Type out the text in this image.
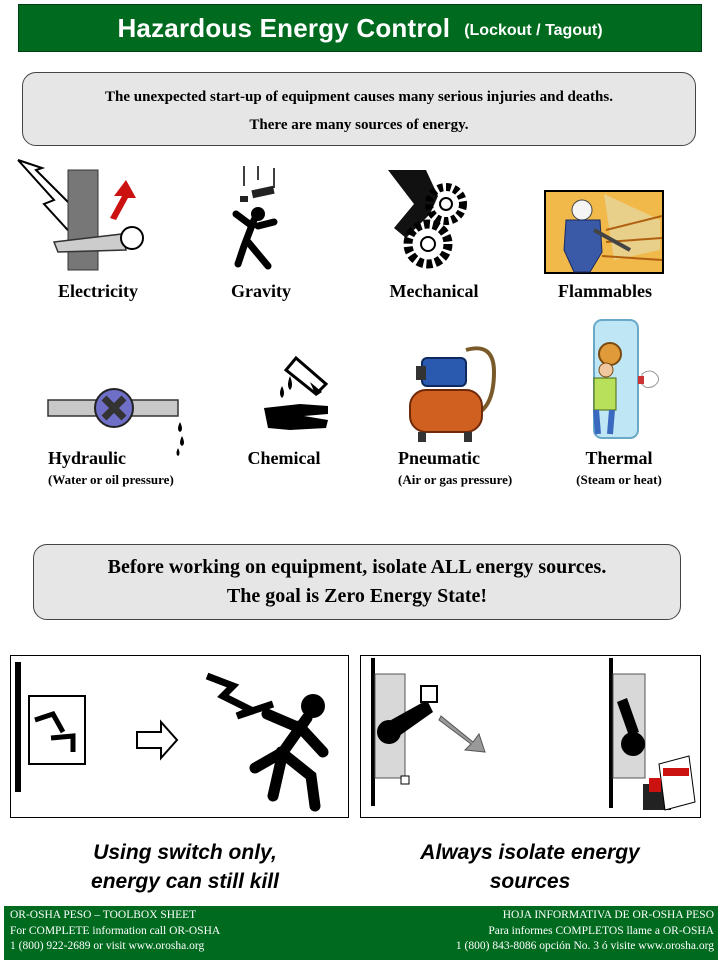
Hazardous Energy Control (Lockout / Tagout)
The unexpected start-up of equipment causes many serious injuries and deaths.
There are many sources of energy.
Electricity	Gravity	Mechanical	Flammables
Hydraulic
(Water or oil pressure)
Chemical	Pneumatic
(Air or gas pressure)
Thermal
(Steam or heat)
Before working on equipment, isolate ALL energy sources.
The goal is Zero Energy State!
Using switch only,
energy can still kill
Always isolate energy
sources
OR-OSHA PESO – TOOLBOX SHEET
For COMPLETE information call OR-OSHA
1 (800) 922-2689 or visit www.orosha.org
HOJA INFORMATIVA DE OR-OSHA PESO
Para informes COMPLETOS llame a OR-OSHA
1 (800) 843-8086 opción No. 3 ó visite www.orosha.org
